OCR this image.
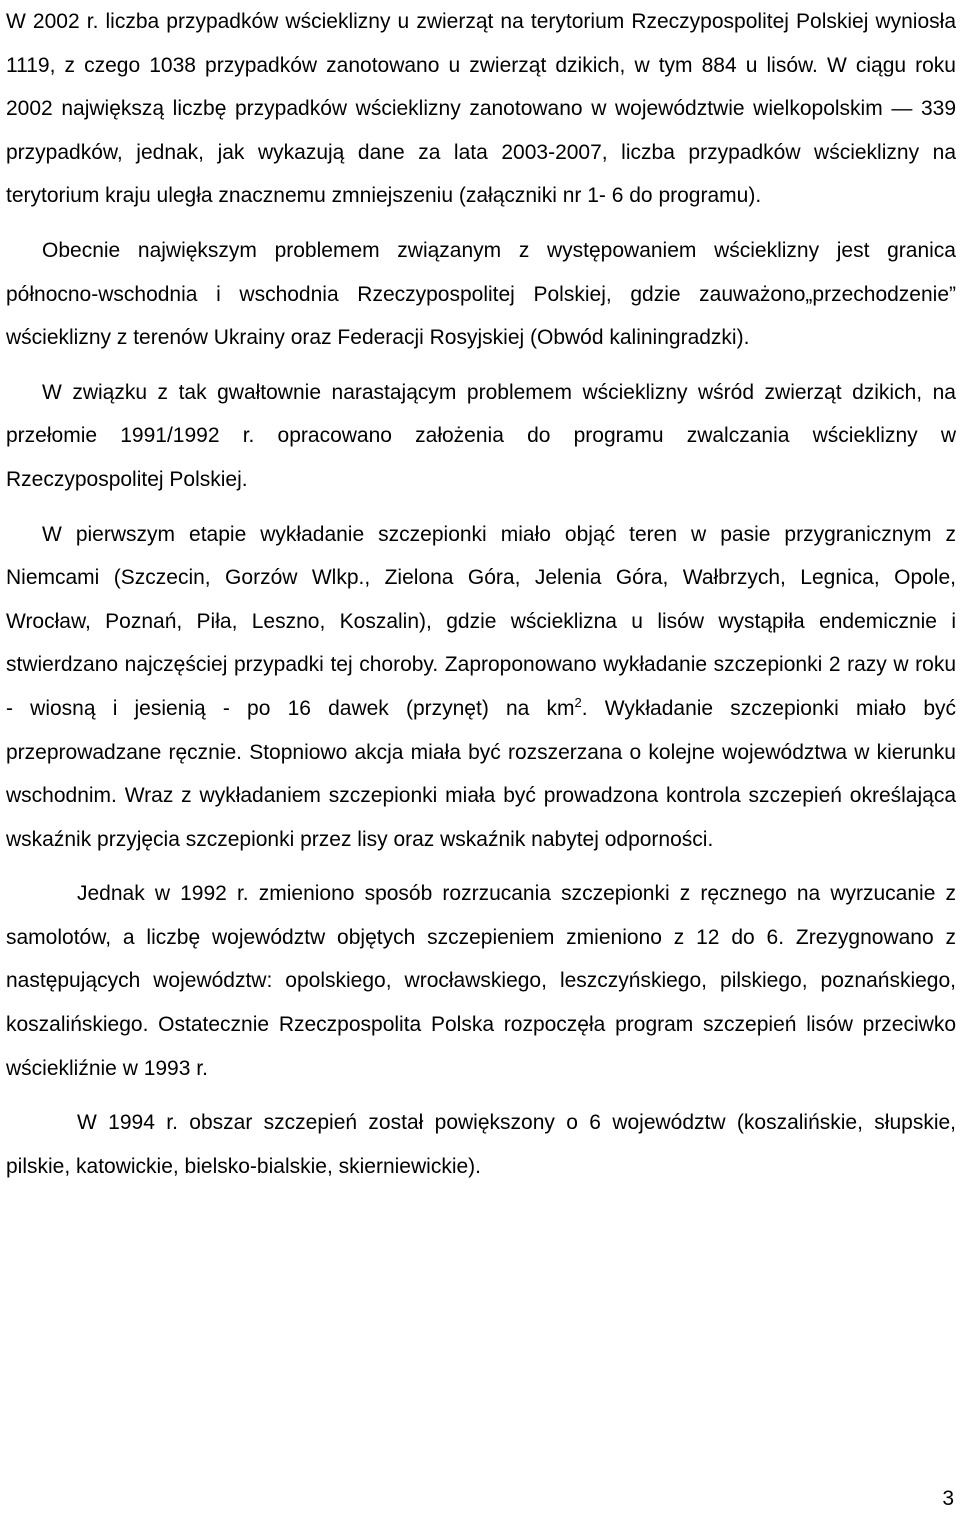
W 2002 r. liczba przypadków wścieklizny u zwierząt na terytorium Rzeczypospolitej Polskiej wyniosła 1119, z czego 1038 przypadków zanotowano u zwierząt dzikich, w tym 884 u lisów. W ciągu roku 2002 największą liczbę przypadków wścieklizny zanotowano w województwie wielkopolskim — 339 przypadków, jednak, jak wykazują dane za lata 2003-2007, liczba przypadków wścieklizny na terytorium kraju uległa znacznemu zmniejszeniu (załączniki nr 1- 6 do programu).

Obecnie największym problemem związanym z występowaniem wścieklizny jest granica północno-wschodnia i wschodnia Rzeczypospolitej Polskiej, gdzie zauważono„przechodzenie” wścieklizny z terenów Ukrainy oraz Federacji Rosyjskiej (Obwód kaliningradzki).

W związku z tak gwałtownie narastającym problemem wścieklizny wśród zwierząt dzikich, na przełomie 1991/1992 r. opracowano założenia do programu zwalczania wścieklizny w Rzeczypospolitej Polskiej.

W pierwszym etapie wykładanie szczepionki miało objąć teren w pasie przygranicznym z Niemcami (Szczecin, Gorzów Wlkp., Zielona Góra, Jelenia Góra, Wałbrzych, Legnica, Opole, Wrocław, Poznań, Piła, Leszno, Koszalin), gdzie wścieklizna u lisów wystąpiła endemicznie i stwierdzano najczęściej przypadki tej choroby. Zaproponowano wykładanie szczepionki 2 razy w roku - wiosną i jesienią - po 16 dawek (przynęt) na $km^2$. Wykładanie szczepionki miało być przeprowadzane ręcznie. Stopniowo akcja miała być rozszerzana o kolejne województwa w kierunku wschodnim. Wraz z wykładaniem szczepionki miała być prowadzona kontrola szczepień określająca wskaźnik przyjęcia szczepionki przez lisy oraz wskaźnik nabytej odporności.

Jednak w 1992 r. zmieniono sposób rozrzucania szczepionki z ręcznego na wyrzucanie z samolotów, a liczbę województw objętych szczepieniem zmieniono z 12 do 6. Zrezygnowano z następujących województw: opolskiego, wrocławskiego, leszczyńskiego, pilskiego, poznańskiego, koszalińskiego. Ostatecznie Rzeczpospolita Polska rozpoczęła program szczepień lisów przeciwko wściekliźnie w 1993 r.

W 1994 r. obszar szczepień został powiększony o 6 województw (koszalińskie, słupskie, pilskie, katowickie, bielsko-bialskie, skierniewickie).

3
